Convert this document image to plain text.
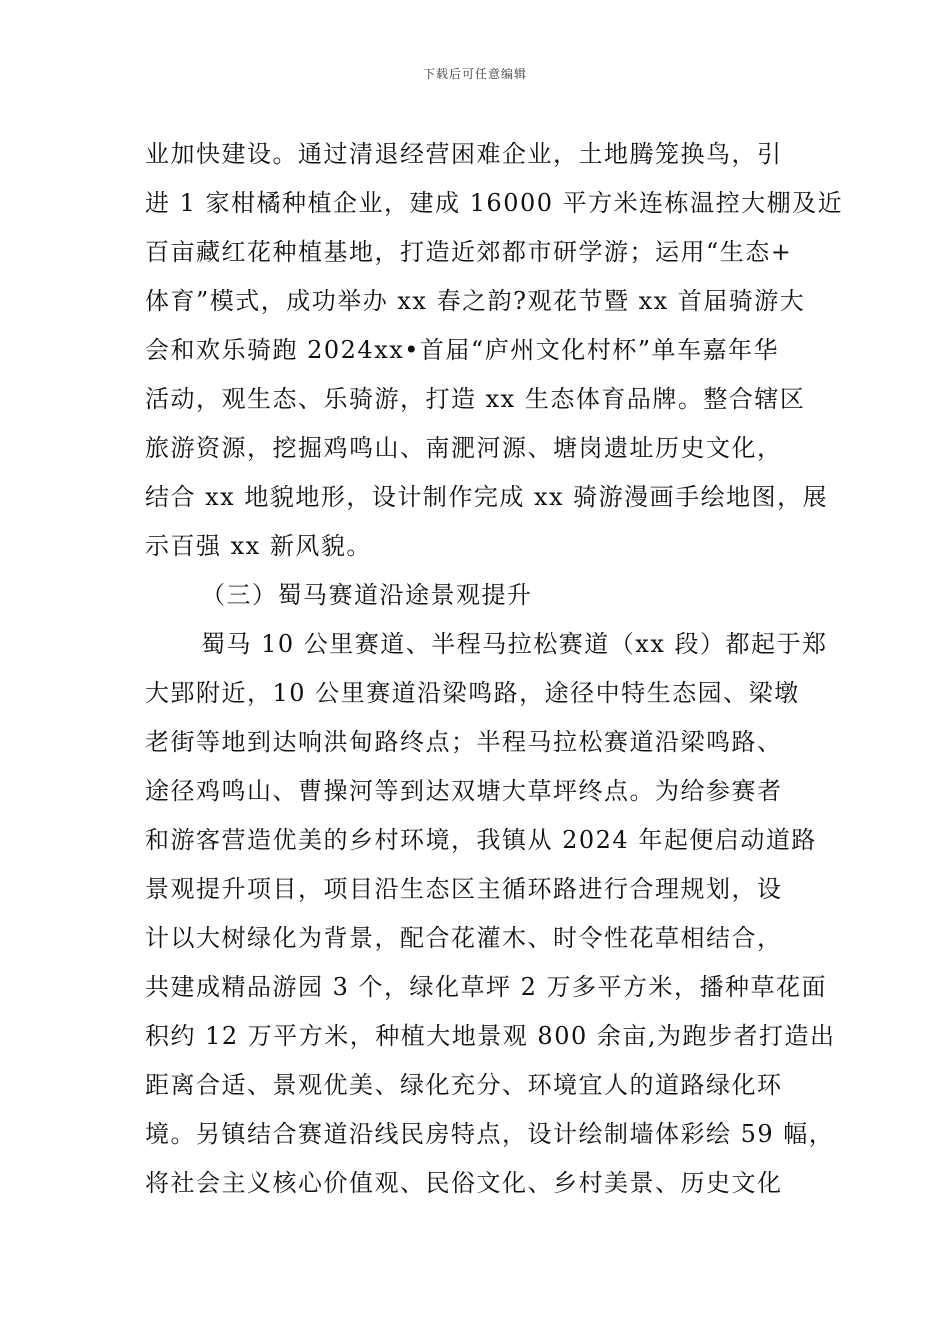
下载后可任意编辑
业加快建设。通过清退经营困难企业，土地腾笼换鸟，引
进 1 家柑橘种植企业，建成 16000 平方米连栋温控大棚及近
百亩藏红花种植基地，打造近郊都市研学游；运用“生态+
体育”模式，成功举办 xx 春之韵?观花节暨 xx 首届骑游大
会和欢乐骑跑 2024xx•首届“庐州文化村杯”单车嘉年华
活动，观生态、乐骑游，打造 xx 生态体育品牌。整合辖区
旅游资源，挖掘鸡鸣山、南淝河源、塘岗遗址历史文化，
结合 xx 地貌地形，设计制作完成 xx 骑游漫画手绘地图，展
示百强 xx 新风貌。
（三）蜀马赛道沿途景观提升
蜀马 10 公里赛道、半程马拉松赛道（xx 段）都起于郑
大郢附近，10 公里赛道沿梁鸣路，途径中特生态园、梁墩
老街等地到达响洪甸路终点；半程马拉松赛道沿梁鸣路、
途径鸡鸣山、曹操河等到达双塘大草坪终点。为给参赛者
和游客营造优美的乡村环境，我镇从 2024 年起便启动道路
景观提升项目，项目沿生态区主循环路进行合理规划，设
计以大树绿化为背景，配合花灌木、时令性花草相结合，
共建成精品游园 3 个，绿化草坪 2 万多平方米，播种草花面
积约 12 万平方米，种植大地景观 800 余亩,为跑步者打造出
距离合适、景观优美、绿化充分、环境宜人的道路绿化环
境。另镇结合赛道沿线民房特点，设计绘制墙体彩绘 59 幅，
将社会主义核心价值观、民俗文化、乡村美景、历史文化
